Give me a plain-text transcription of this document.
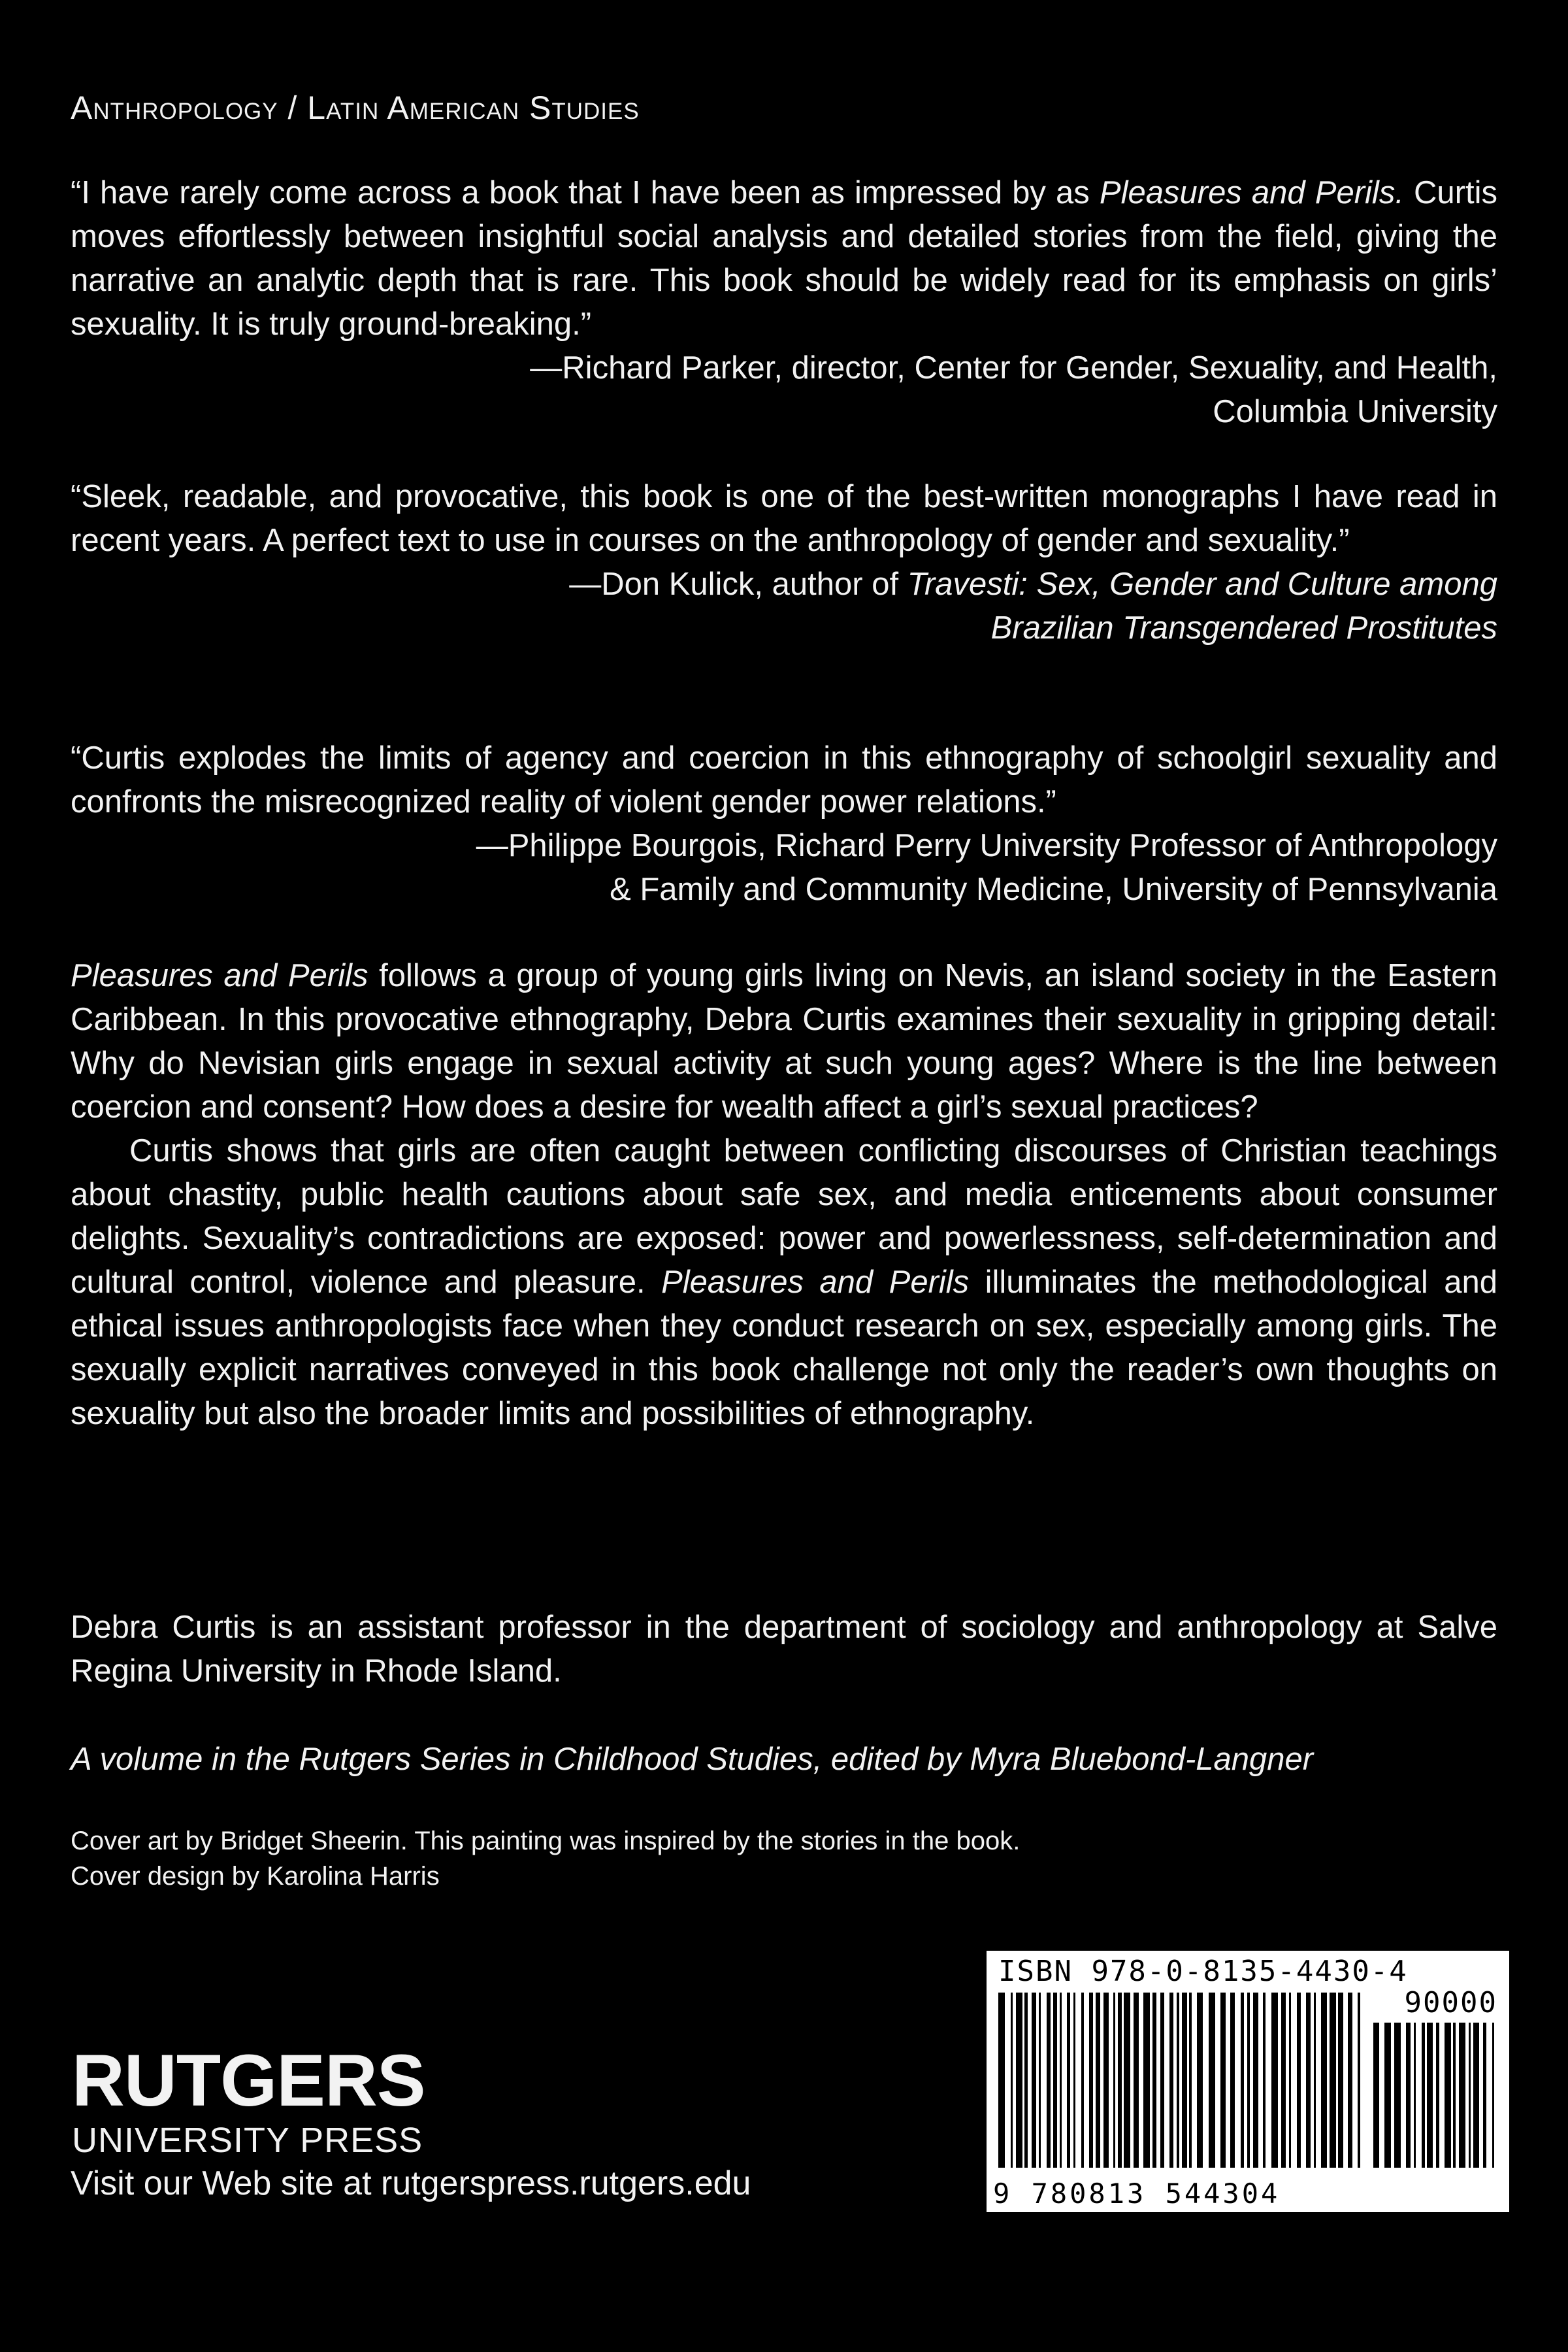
Anthropology / Latin American Studies
“I have rarely come across a book that I have been as impressed by as Pleasures and Perils. Curtis moves effortlessly between insightful social analysis and detailed stories from the field, giving the narrative an analytic depth that is rare. This book should be widely read for its emphasis on girls’ sexuality. It is truly ground-breaking.”
—Richard Parker, director, Center for Gender, Sexuality, and Health,
Columbia University
“Sleek, readable, and provocative, this book is one of the best-written monographs I have read in recent years. A perfect text to use in courses on the anthropology of gender and sexuality.”
—Don Kulick, author of Travesti: Sex, Gender and Culture among
Brazilian Transgendered Prostitutes
“Curtis explodes the limits of agency and coercion in this ethnography of schoolgirl sexuality and confronts the misrecognized reality of violent gender power relations.”
—Philippe Bourgois, Richard Perry University Professor of Anthropology
& Family and Community Medicine, University of Pennsylvania
Pleasures and Perils follows a group of young girls living on Nevis, an island society in the Eastern Caribbean. In this provocative ethnography, Debra Curtis examines their sexuality in gripping detail: Why do Nevisian girls engage in sexual activity at such young ages? Where is the line between coercion and consent? How does a desire for wealth affect a girl’s sexual practices?
Curtis shows that girls are often caught between conflicting discourses of Christian teachings about chastity, public health cautions about safe sex, and media enticements about consumer delights. Sexuality’s contradictions are exposed: power and powerlessness, self-determination and cultural control, violence and pleasure. Pleasures and Perils illuminates the methodological and ethical issues anthropologists face when they conduct research on sex, especially among girls. The sexually explicit narratives conveyed in this book challenge not only the reader’s own thoughts on sexuality but also the broader limits and possibilities of ethnography.
Debra Curtis is an assistant professor in the department of sociology and anthropology at Salve Regina University in Rhode Island.
A volume in the Rutgers Series in Childhood Studies, edited by Myra Bluebond-Langner
Cover art by Bridget Sheerin. This painting was inspired by the stories in the book.
Cover design by Karolina Harris
RUTGERS
UNIVERSITY PRESS
Visit our Web site at rutgerspress.rutgers.edu
ISBN 978-0-8135-4430-4
90000
9 780813 544304
